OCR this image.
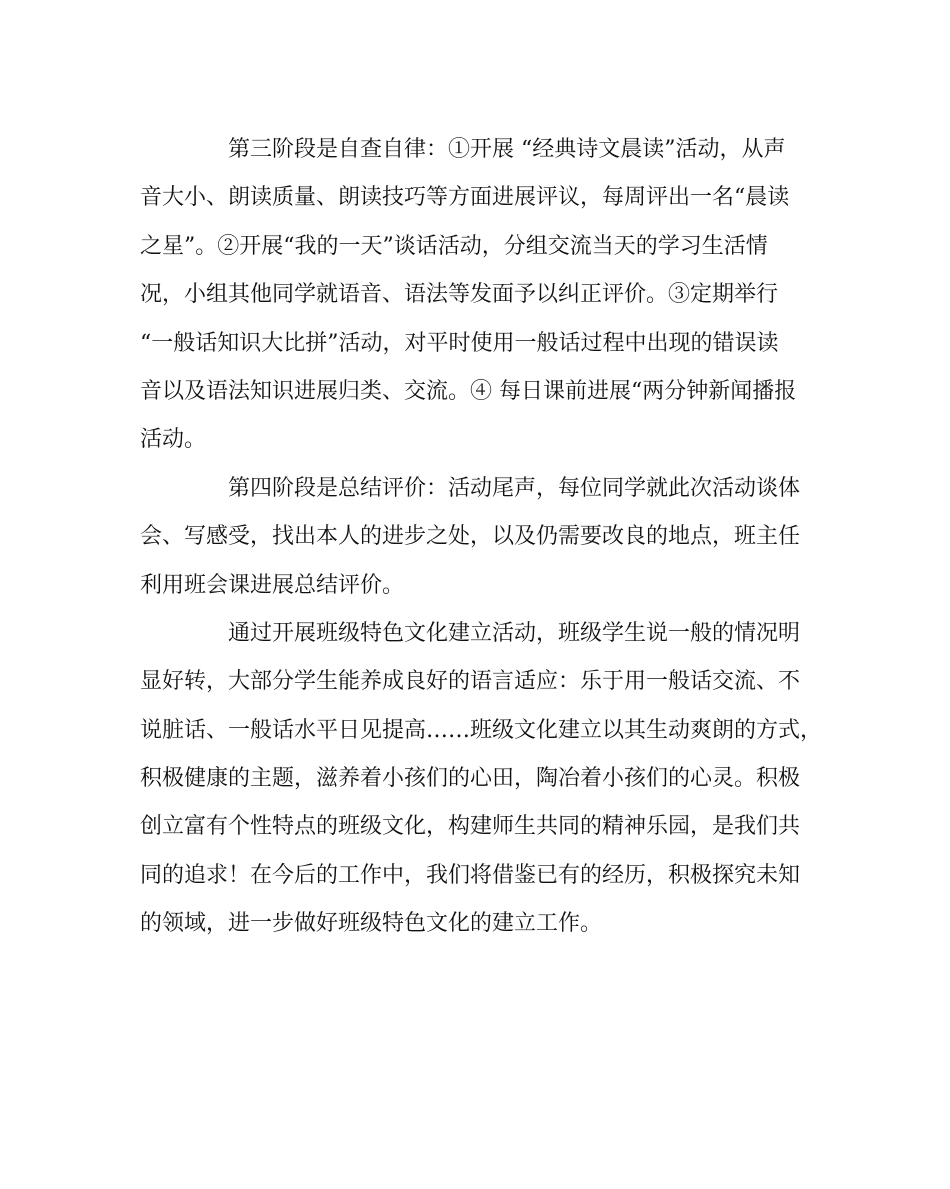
第三阶段是自查自律：①开展 “经典诗文晨读”活动，从声
音大小、朗读质量、朗读技巧等方面进展评议，每周评出一名“晨读
之星”。②开展“我的一天”谈话活动，分组交流当天的学习生活情
况，小组其他同学就语音、语法等发面予以纠正评价。③定期举行
“一般话知识大比拼”活动，对平时使用一般话过程中出现的错误读
音以及语法知识进展归类、交流。④ 每日课前进展“两分钟新闻播报
活动。
第四阶段是总结评价：活动尾声，每位同学就此次活动谈体
会、写感受，找出本人的进步之处，以及仍需要改良的地点，班主任
利用班会课进展总结评价。
通过开展班级特色文化建立活动，班级学生说一般的情况明
显好转，大部分学生能养成良好的语言适应：乐于用一般话交流、不
说脏话、一般话水平日见提高……班级文化建立以其生动爽朗的方式，
积极健康的主题，滋养着小孩们的心田，陶冶着小孩们的心灵。积极
创立富有个性特点的班级文化，构建师生共同的精神乐园，是我们共
同的追求！在今后的工作中，我们将借鉴已有的经历，积极探究未知
的领域，进一步做好班级特色文化的建立工作。
